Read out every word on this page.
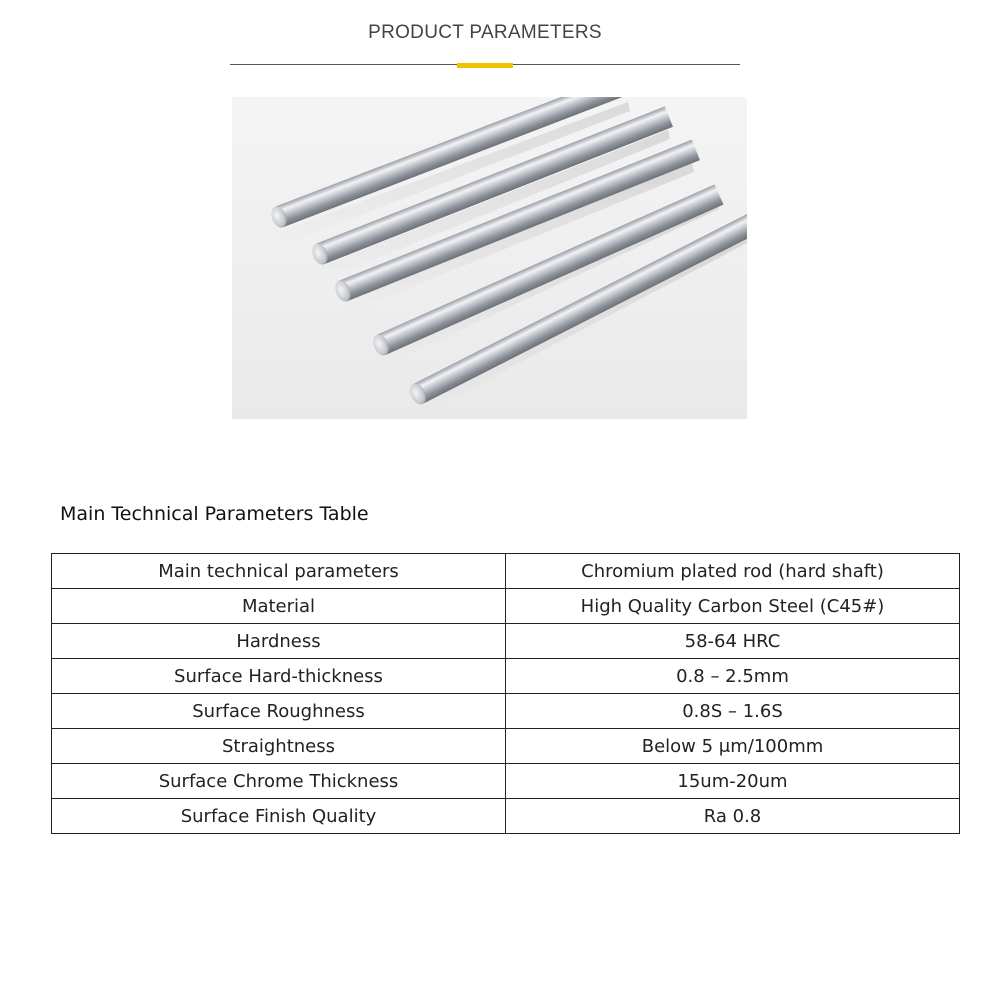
PRODUCT PARAMETERS
Main Technical Parameters Table
Main technical parameters	Chromium plated rod (hard shaft)
Material	High Quality Carbon Steel (C45#)
Hardness	58-64 HRC
Surface Hard-thickness	0.8 – 2.5mm
Surface Roughness	0.8S – 1.6S
Straightness	Below 5 μm/100mm
Surface Chrome Thickness	15um-20um
Surface Finish Quality	Ra 0.8
